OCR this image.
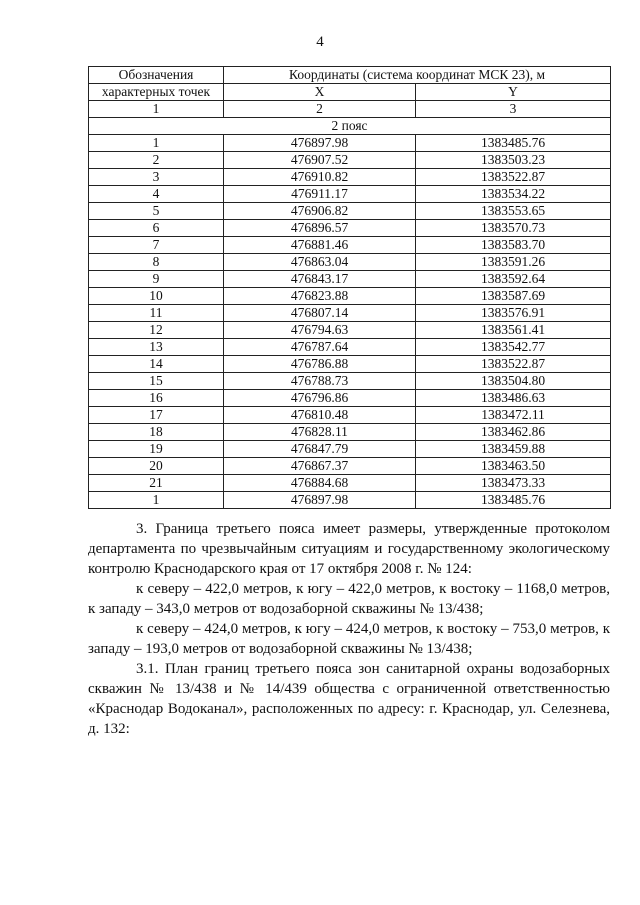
4
Обозначения	Координаты (система координат МСК 23), м	
характерных точек	X	Y
1	2	3
2 пояс		
1	476897.98	1383485.76
2	476907.52	1383503.23
3	476910.82	1383522.87
4	476911.17	1383534.22
5	476906.82	1383553.65
6	476896.57	1383570.73
7	476881.46	1383583.70
8	476863.04	1383591.26
9	476843.17	1383592.64
10	476823.88	1383587.69
11	476807.14	1383576.91
12	476794.63	1383561.41
13	476787.64	1383542.77
14	476786.88	1383522.87
15	476788.73	1383504.80
16	476796.86	1383486.63
17	476810.48	1383472.11
18	476828.11	1383462.86
19	476847.79	1383459.88
20	476867.37	1383463.50
21	476884.68	1383473.33
1	476897.98	1383485.76

3. Граница третьего пояса имеет размеры, утвержденные протоколом департамента по чрезвычайным ситуациям и государственному экологическому контролю Краснодарского края от 17 октября 2008 г. № 124:

к северу – 422,0 метров, к югу – 422,0 метров, к востоку – 1168,0 метров, к западу – 343,0 метров от водозаборной скважины № 13/438;

к северу – 424,0 метров, к югу – 424,0 метров, к востоку – 753,0 метров, к западу – 193,0 метров от водозаборной скважины № 13/438;

3.1. План границ третьего пояса зон санитарной охраны водозаборных скважин № 13/438 и № 14/439 общества с ограниченной ответственностью «Краснодар Водоканал», расположенных по адресу: г. Краснодар, ул. Селезнева, д. 132:
